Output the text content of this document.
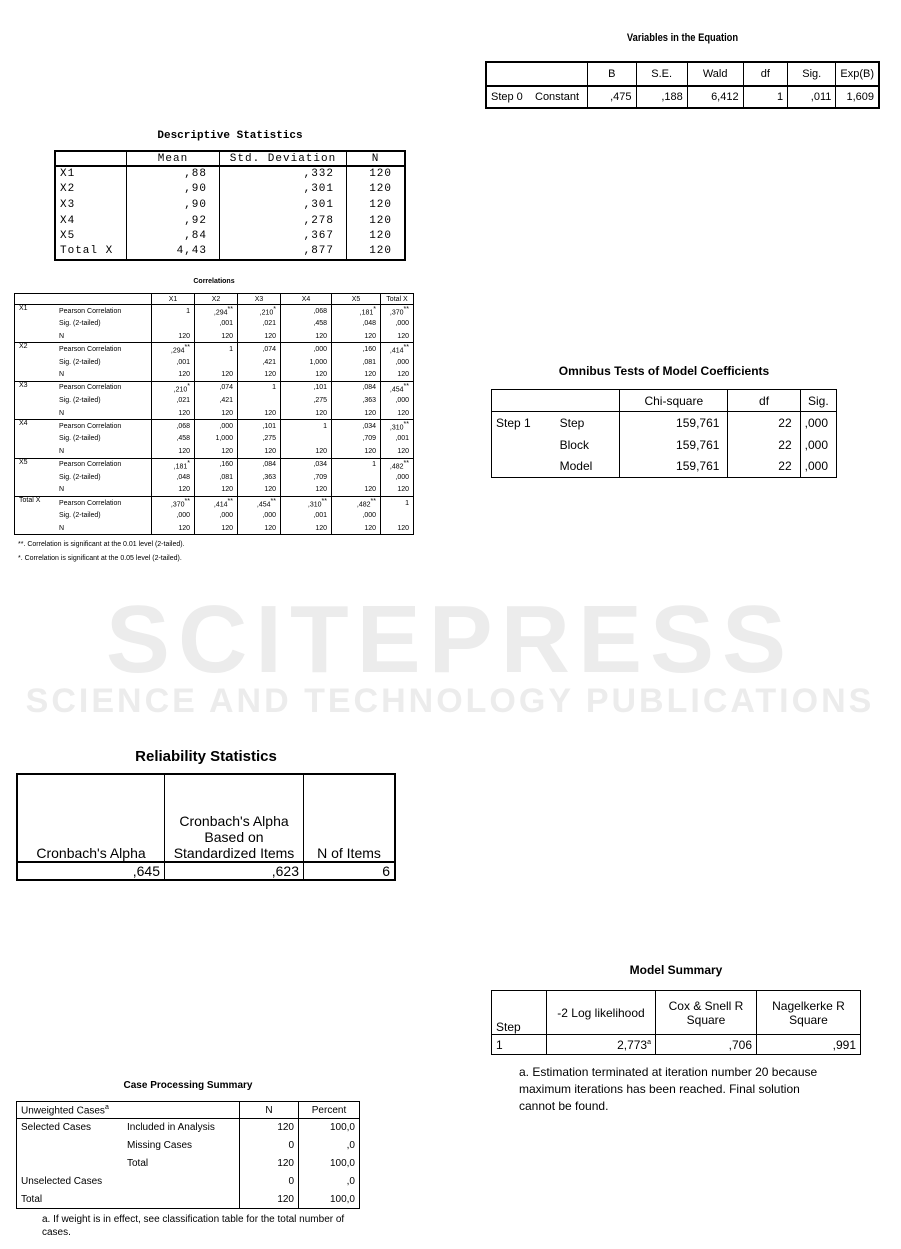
SCITEPRESS
SCIENCE AND TECHNOLOGY PUBLICATIONS
Descriptive Statistics
	Mean	Std. Deviation	N
X1	,88	,332	120
X2	,90	,301	120
X3	,90	,301	120
X4	,92	,278	120
X5	,84	,367	120
Total X	4,43	,877	120
Correlations
		X1	X2	X3	X4	X5	Total X
X1	Pearson Correlation	1	,294**	,210*	,068	,181*	,370**
	Sig. (2-tailed)		,001	,021	,458	,048	,000
	N	120	120	120	120	120	120
X2	Pearson Correlation	,294**	1	,074	,000	,160	,414**
	Sig. (2-tailed)	,001		,421	1,000	,081	,000
	N	120	120	120	120	120	120
X3	Pearson Correlation	,210*	,074	1	,101	,084	,454**
	Sig. (2-tailed)	,021	,421		,275	,363	,000
	N	120	120	120	120	120	120
X4	Pearson Correlation	,068	,000	,101	1	,034	,310**
	Sig. (2-tailed)	,458	1,000	,275		,709	,001
	N	120	120	120	120	120	120
X5	Pearson Correlation	,181*	,160	,084	,034	1	,482**
	Sig. (2-tailed)	,048	,081	,363	,709		,000
	N	120	120	120	120	120	120
Total X	Pearson Correlation	,370**	,414**	,454**	,310**	,482**	1
	Sig. (2-tailed)	,000	,000	,000	,001	,000	
	N	120	120	120	120	120	120
**. Correlation is significant at the 0.01 level (2-tailed).
*. Correlation is significant at the 0.05 level (2-tailed).
Reliability Statistics
Cronbach's Alpha	Cronbach's Alpha Based on Standardized Items	N of Items
,645	,623	6
Case Processing Summary
Unweighted Cases$^a$		N	Percent
Selected Cases	Included in Analysis	120	100,0
	Missing Cases	0	,0
	Total	120	100,0
Unselected Cases		0	,0
Total		120	100,0
a. If weight is in effect, see classification table for the total number of cases.
Variables in the Equation
		B	S.E.	Wald	df	Sig.	Exp(B)
Step 0	Constant	,475	,188	6,412	1	,011	1,609
Omnibus Tests of Model Coefficients
		Chi-square	df	Sig.
Step 1	Step	159,761	22	,000
	Block	159,761	22	,000
	Model	159,761	22	,000
Model Summary
Step	-2 Log likelihood	Cox & Snell R Square	Nagelkerke R Square
1	2,773$^a$	,706	,991
a. Estimation terminated at iteration number 20 because maximum iterations has been reached. Final solution cannot be found.
